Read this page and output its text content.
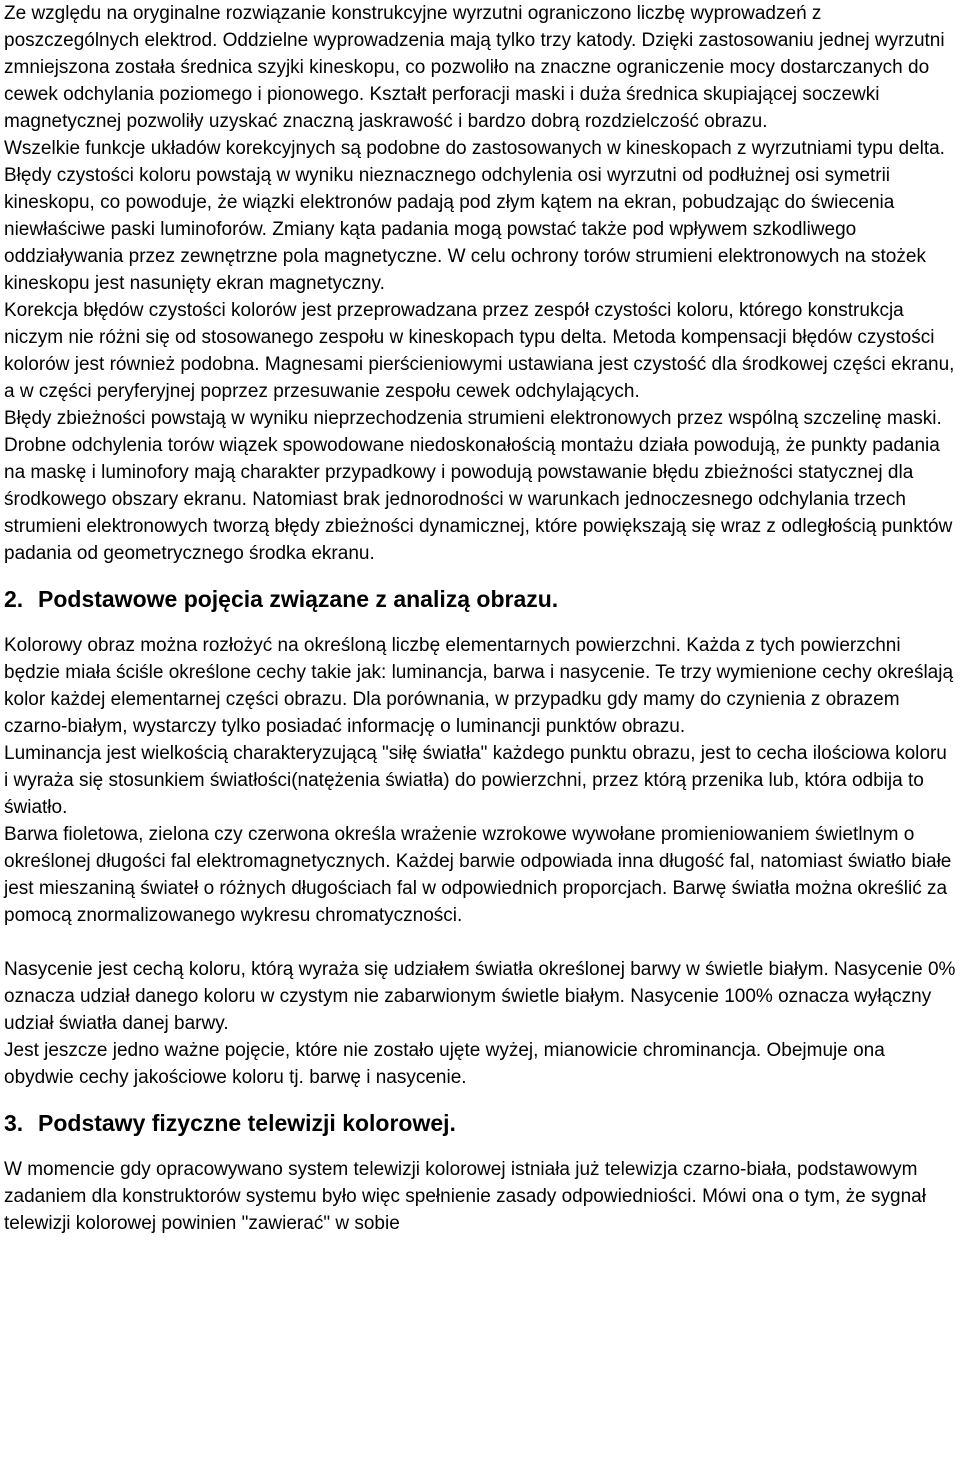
Ze względu na oryginalne rozwiązanie konstrukcyjne wyrzutni ograniczono liczbę wyprowadzeń z poszczególnych elektrod. Oddzielne wyprowadzenia mają tylko trzy katody. Dzięki zastosowaniu jednej wyrzutni zmniejszona została średnica szyjki kineskopu, co pozwoliło na znaczne ograniczenie mocy dostarczanych do cewek odchylania poziomego i pionowego. Kształt perforacji maski i duża średnica skupiającej soczewki magnetycznej pozwoliły uzyskać znaczną jaskrawość i bardzo dobrą rozdzielczość obrazu.

Wszelkie funkcje układów korekcyjnych są podobne do zastosowanych w kineskopach z wyrzutniami typu delta.

Błędy czystości koloru powstają w wyniku nieznacznego odchylenia osi wyrzutni od podłużnej osi symetrii kineskopu, co powoduje, że wiązki elektronów padają pod złym kątem na ekran, pobudzając do świecenia niewłaściwe paski luminoforów. Zmiany kąta padania mogą powstać także pod wpływem szkodliwego oddziaływania przez zewnętrzne pola magnetyczne. W celu ochrony torów strumieni elektronowych na stożek kineskopu jest nasunięty ekran magnetyczny.

Korekcja błędów czystości kolorów jest przeprowadzana przez zespół czystości koloru, którego konstrukcja niczym nie różni się od stosowanego zespołu w kineskopach typu delta. Metoda kompensacji błędów czystości kolorów jest również podobna. Magnesami pierścieniowymi ustawiana jest czystość dla środkowej części ekranu, a w części peryferyjnej poprzez przesuwanie zespołu cewek odchylających.

Błędy zbieżności powstają w wyniku nieprzechodzenia strumieni elektronowych przez wspólną szczelinę maski. Drobne odchylenia torów wiązek spowodowane niedoskonałością montażu działa powodują, że punkty padania na maskę i luminofory mają charakter przypadkowy i powodują powstawanie błędu zbieżności statycznej dla środkowego obszary ekranu. Natomiast brak jednorodności w warunkach jednoczesnego odchylania trzech strumieni elektronowych tworzą błędy zbieżności dynamicznej, które powiększają się wraz z odległością punktów padania od geometrycznego środka ekranu.

2. Podstawowe pojęcia związane z analizą obrazu.

Kolorowy obraz można rozłożyć na określoną liczbę elementarnych powierzchni. Każda z tych powierzchni będzie miała ściśle określone cechy takie jak: luminancja, barwa i nasycenie. Te trzy wymienione cechy określają kolor każdej elementarnej części obrazu. Dla porównania, w przypadku gdy mamy do czynienia z obrazem czarno-białym, wystarczy tylko posiadać informację o luminancji punktów obrazu.

Luminancja jest wielkością charakteryzującą "siłę światła" każdego punktu obrazu, jest to cecha ilościowa koloru i wyraża się stosunkiem światłości(natężenia światła) do powierzchni, przez którą przenika lub, która odbija to światło.

Barwa fioletowa, zielona czy czerwona określa wrażenie wzrokowe wywołane promieniowaniem świetlnym o określonej długości fal elektromagnetycznych. Każdej barwie odpowiada inna długość fal, natomiast światło białe jest mieszaniną świateł o różnych długościach fal w odpowiednich proporcjach. Barwę światła można określić za pomocą znormalizowanego wykresu chromatyczności.

Nasycenie jest cechą koloru, którą wyraża się udziałem światła określonej barwy w świetle białym. Nasycenie 0% oznacza udział danego koloru w czystym nie zabarwionym świetle białym. Nasycenie 100% oznacza wyłączny udział światła danej barwy.

Jest jeszcze jedno ważne pojęcie, które nie zostało ujęte wyżej, mianowicie chrominancja. Obejmuje ona obydwie cechy jakościowe koloru tj. barwę i nasycenie.

3. Podstawy fizyczne telewizji kolorowej.

W momencie gdy opracowywano system telewizji kolorowej istniała już telewizja czarno-biała, podstawowym zadaniem dla konstruktorów systemu było więc spełnienie zasady odpowiedniości. Mówi ona o tym, że sygnał telewizji kolorowej powinien "zawierać" w sobie
